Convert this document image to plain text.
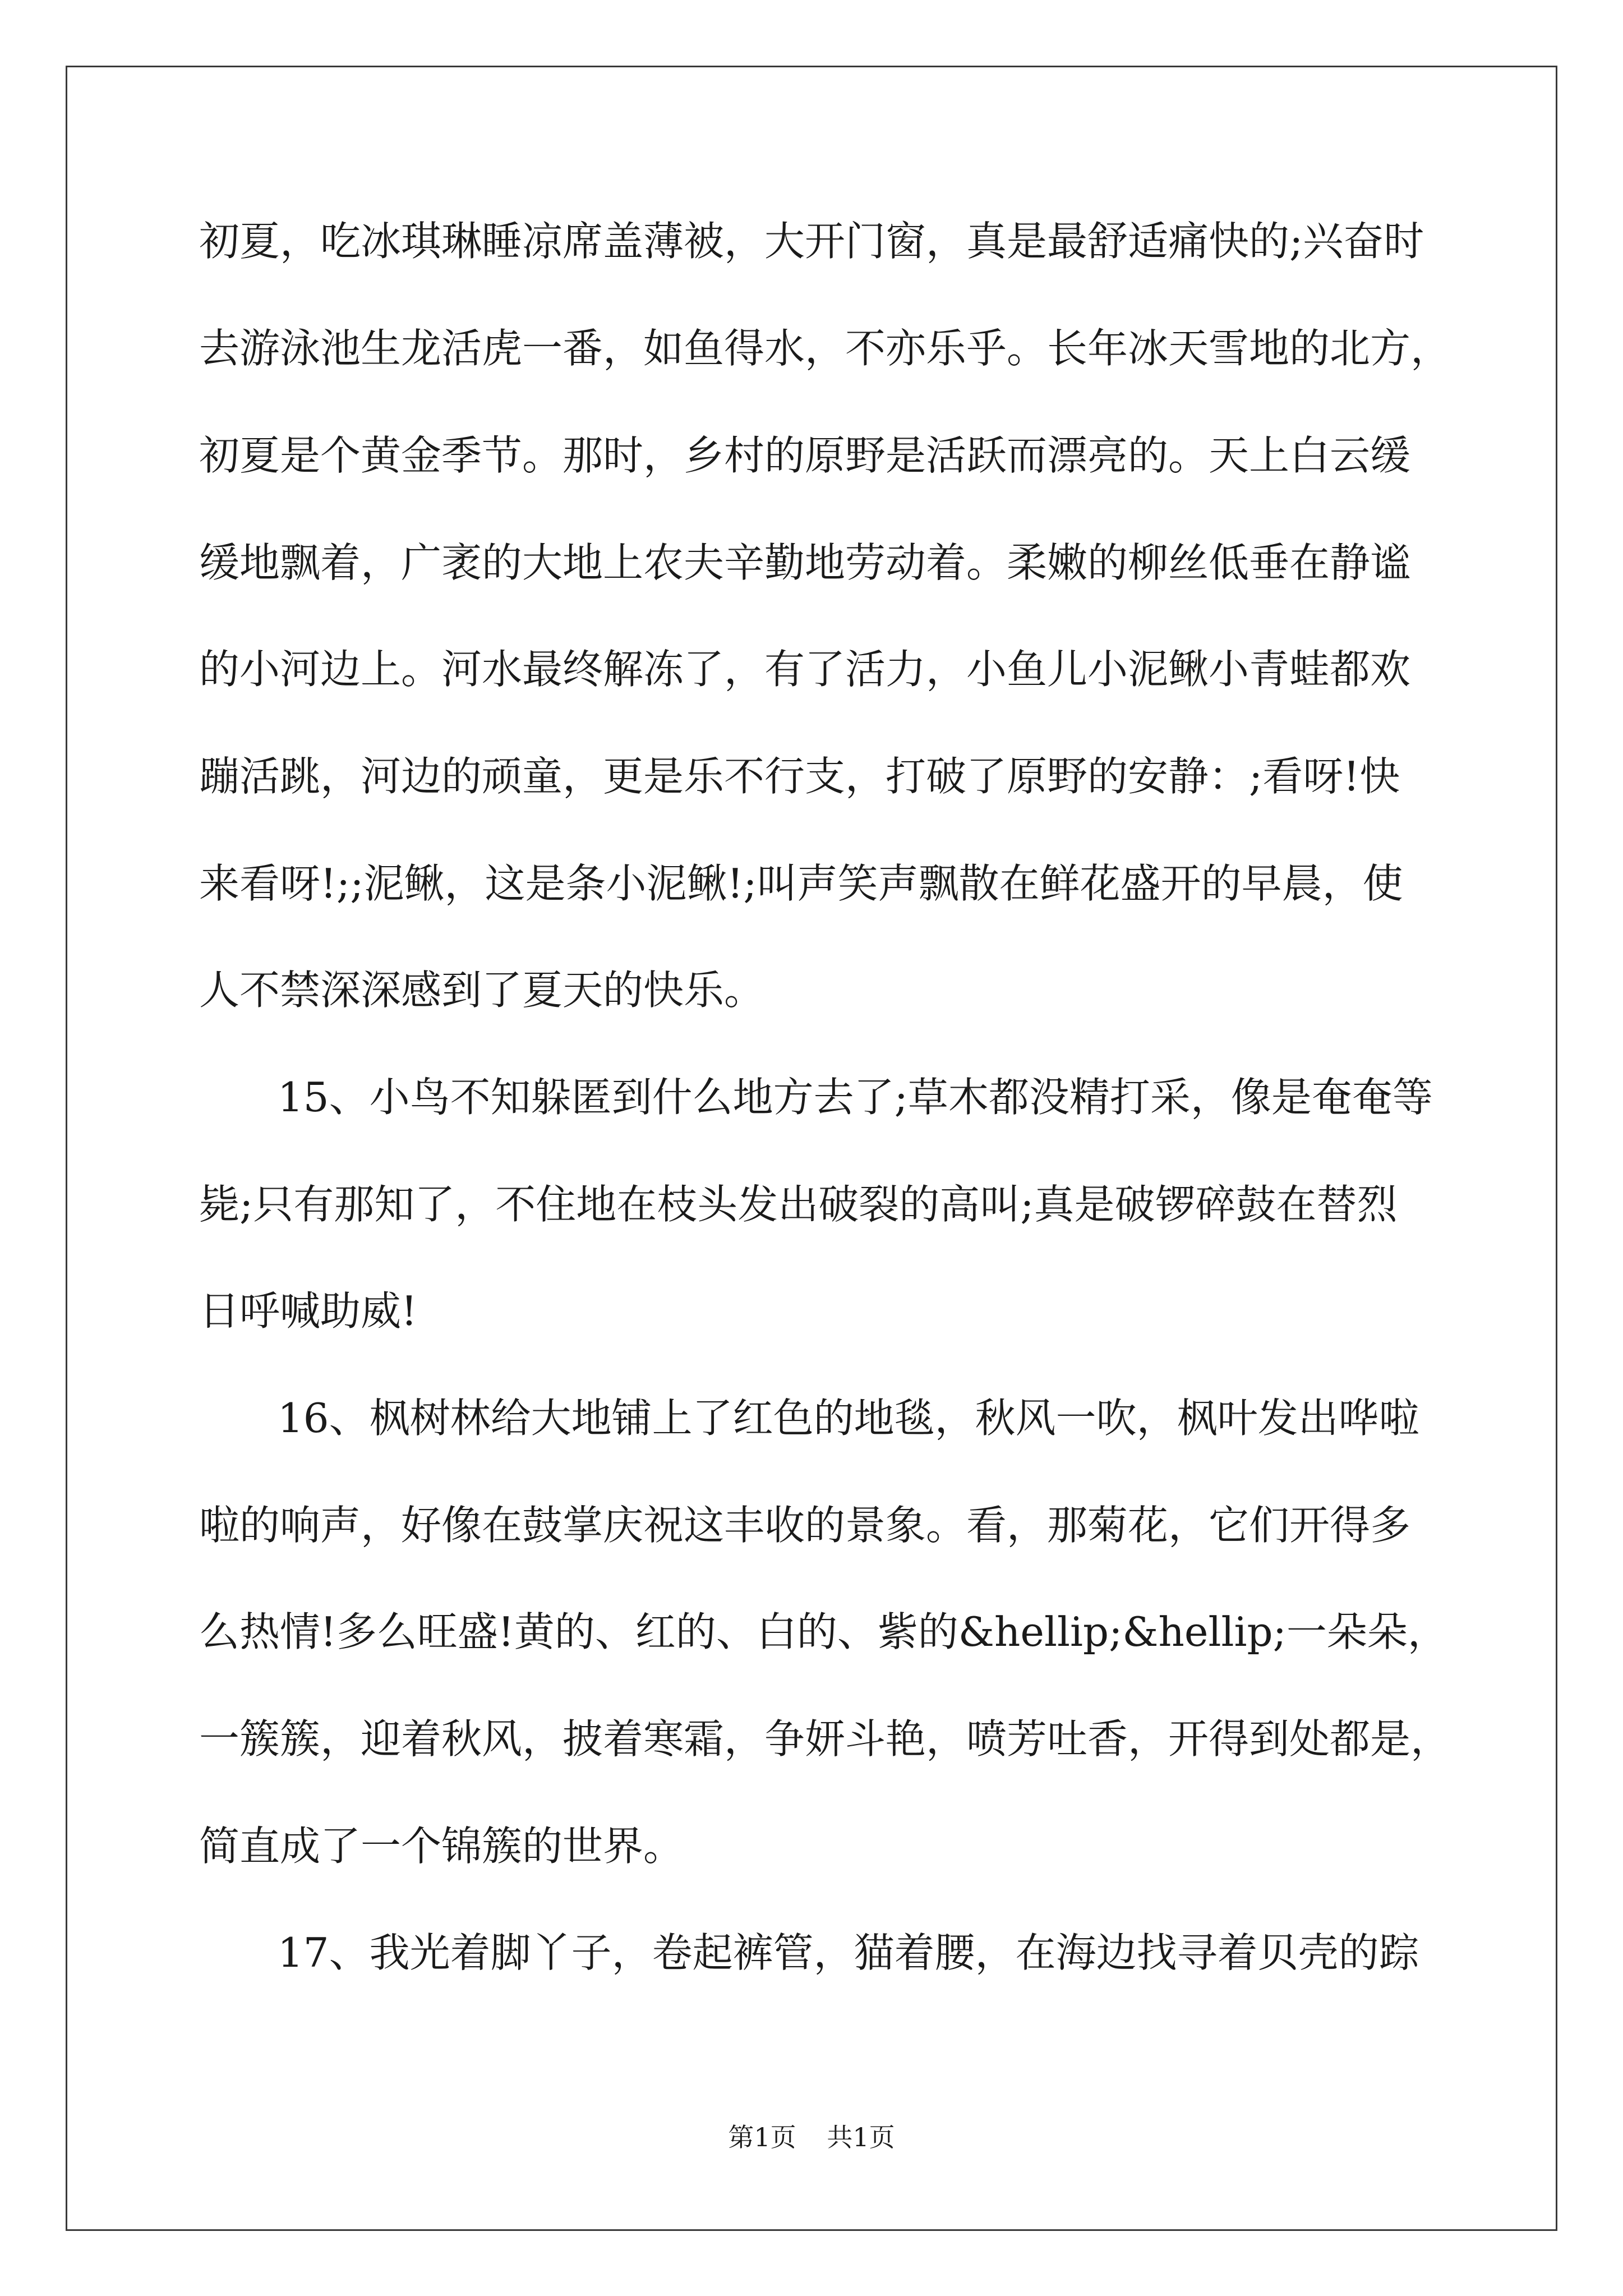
初夏，吃冰琪琳睡凉席盖薄被，大开门窗，真是最舒适痛快的;兴奋时

去游泳池生龙活虎一番，如鱼得水，不亦乐乎。长年冰天雪地的北方，

初夏是个黄金季节。那时，乡村的原野是活跃而漂亮的。天上白云缓

缓地飘着，广袤的大地上农夫辛勤地劳动着。柔嫩的柳丝低垂在静谧

的小河边上。河水最终解冻了，有了活力，小鱼儿小泥鳅小青蛙都欢

蹦活跳，河边的顽童，更是乐不行支，打破了原野的安静：;看呀!快

来看呀!;;泥鳅，这是条小泥鳅!;叫声笑声飘散在鲜花盛开的早晨，使

人不禁深深感到了夏天的快乐。

15、小鸟不知躲匿到什么地方去了;草木都没精打采，像是奄奄等

毙;只有那知了，不住地在枝头发出破裂的高叫;真是破锣碎鼓在替烈

日呼喊助威!

16、枫树林给大地铺上了红色的地毯，秋风一吹，枫叶发出哗啦

啦的响声，好像在鼓掌庆祝这丰收的景象。看，那菊花，它们开得多

么热情!多么旺盛!黄的、红的、白的、紫的&hellip;&hellip;一朵朵，

一簇簇，迎着秋风，披着寒霜，争妍斗艳，喷芳吐香，开得到处都是，

简直成了一个锦簇的世界。

17、我光着脚丫子，卷起裤管，猫着腰，在海边找寻着贝壳的踪

第1页 共1页
